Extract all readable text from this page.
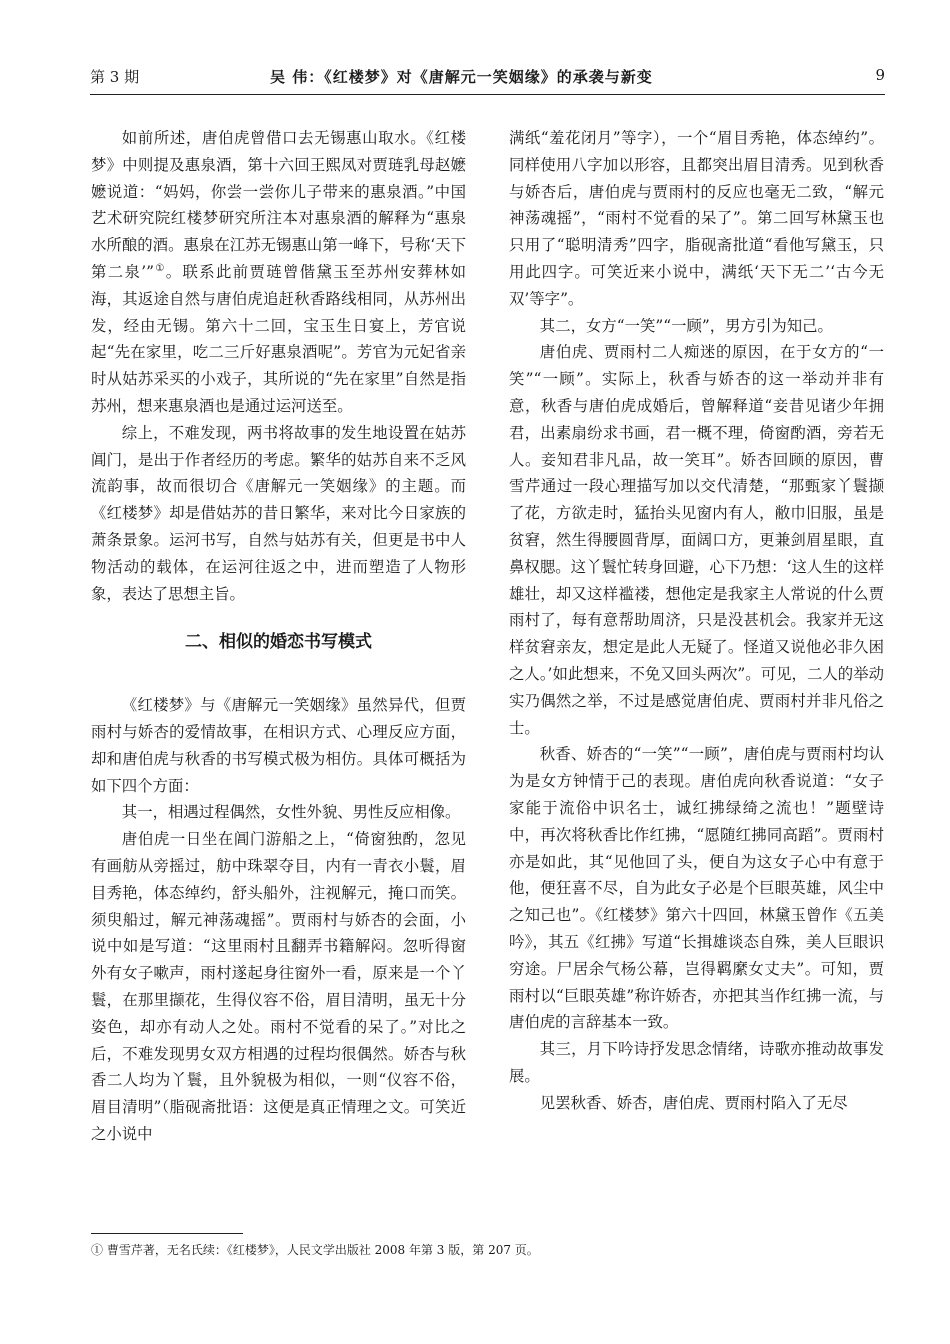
第 3 期	吴 伟：《红楼梦》对《唐解元一笑姻缘》的承袭与新变	9

如前所述，唐伯虎曾借口去无锡惠山取水。《红楼梦》中则提及惠泉酒，第十六回王熙凤对贾琏乳母赵嬷嬷说道：“妈妈，你尝一尝你儿子带来的惠泉酒。”中国艺术研究院红楼梦研究所注本对惠泉酒的解释为“惠泉水所酿的酒。惠泉在江苏无锡惠山第一峰下，号称‘天下第二泉’”①。联系此前贾琏曾偕黛玉至苏州安葬林如海，其返途自然与唐伯虎追赶秋香路线相同，从苏州出发，经由无锡。第六十二回，宝玉生日宴上，芳官说起“先在家里，吃二三斤好惠泉酒呢”。芳官为元妃省亲时从姑苏采买的小戏子，其所说的“先在家里”自然是指苏州，想来惠泉酒也是通过运河送至。

综上，不难发现，两书将故事的发生地设置在姑苏阊门，是出于作者经历的考虑。繁华的姑苏自来不乏风流韵事，故而很切合《唐解元一笑姻缘》的主题。而《红楼梦》却是借姑苏的昔日繁华，来对比今日家族的萧条景象。运河书写，自然与姑苏有关，但更是书中人物活动的载体，在运河往返之中，进而塑造了人物形象，表达了思想主旨。

二、相似的婚恋书写模式

《红楼梦》与《唐解元一笑姻缘》虽然异代，但贾雨村与娇杏的爱情故事，在相识方式、心理反应方面，却和唐伯虎与秋香的书写模式极为相仿。具体可概括为如下四个方面：

其一，相遇过程偶然，女性外貌、男性反应相像。

唐伯虎一日坐在阊门游船之上，“倚窗独酌，忽见有画舫从旁摇过，舫中珠翠夺目，内有一青衣小鬟，眉目秀艳，体态绰约，舒头船外，注视解元，掩口而笑。须臾船过，解元神荡魂摇”。贾雨村与娇杏的会面，小说中如是写道：“这里雨村且翻弄书籍解闷。忽听得窗外有女子嗽声，雨村遂起身往窗外一看，原来是一个丫鬟，在那里撷花，生得仪容不俗，眉目清明，虽无十分姿色，却亦有动人之处。雨村不觉看的呆了。”对比之后，不难发现男女双方相遇的过程均很偶然。娇杏与秋香二人均为丫鬟，且外貌极为相似，一则“仪容不俗，眉目清明”（脂砚斋批语：这便是真正情理之文。可笑近之小说中

满纸“羞花闭月”等字），一个“眉目秀艳，体态绰约”。同样使用八字加以形容，且都突出眉目清秀。见到秋香与娇杏后，唐伯虎与贾雨村的反应也毫无二致，“解元神荡魂摇”，“雨村不觉看的呆了”。第二回写林黛玉也只用了“聪明清秀”四字，脂砚斋批道“看他写黛玉，只用此四字。可笑近来小说中，满纸‘天下无二’‘古今无双’等字”。

其二，女方“一笑”“一顾”，男方引为知己。

唐伯虎、贾雨村二人痴迷的原因，在于女方的“一笑”“一顾”。实际上，秋香与娇杏的这一举动并非有意，秋香与唐伯虎成婚后，曾解释道“妾昔见诸少年拥君，出素扇纷求书画，君一概不理，倚窗酌酒，旁若无人。妾知君非凡品，故一笑耳”。娇杏回顾的原因，曹雪芹通过一段心理描写加以交代清楚，“那甄家丫鬟撷了花，方欲走时，猛抬头见窗内有人，敝巾旧服，虽是贫窘，然生得腰圆背厚，面阔口方，更兼剑眉星眼，直鼻权腮。这丫鬟忙转身回避，心下乃想：‘这人生的这样雄壮，却又这样褴褛，想他定是我家主人常说的什么贾雨村了，每有意帮助周济，只是没甚机会。我家并无这样贫窘亲友，想定是此人无疑了。怪道又说他必非久困之人。’如此想来，不免又回头两次”。可见，二人的举动实乃偶然之举，不过是感觉唐伯虎、贾雨村并非凡俗之士。

秋香、娇杏的“一笑”“一顾”，唐伯虎与贾雨村均认为是女方钟情于己的表现。唐伯虎向秋香说道：“女子家能于流俗中识名士，诚红拂绿绮之流也！”题壁诗中，再次将秋香比作红拂，“愿随红拂同高蹈”。贾雨村亦是如此，其“见他回了头，便自为这女子心中有意于他，便狂喜不尽，自为此女子必是个巨眼英雄，风尘中之知己也”。《红楼梦》第六十四回，林黛玉曾作《五美吟》，其五《红拂》写道“长揖雄谈态自殊，美人巨眼识穷途。尸居余气杨公幕，岂得羁縻女丈夫”。可知，贾雨村以“巨眼英雄”称许娇杏，亦把其当作红拂一流，与唐伯虎的言辞基本一致。

其三，月下吟诗抒发思念情绪，诗歌亦推动故事发展。

见罢秋香、娇杏，唐伯虎、贾雨村陷入了无尽

① 曹雪芹著，无名氏续：《红楼梦》，人民文学出版社 2008 年第 3 版，第 207 页。
